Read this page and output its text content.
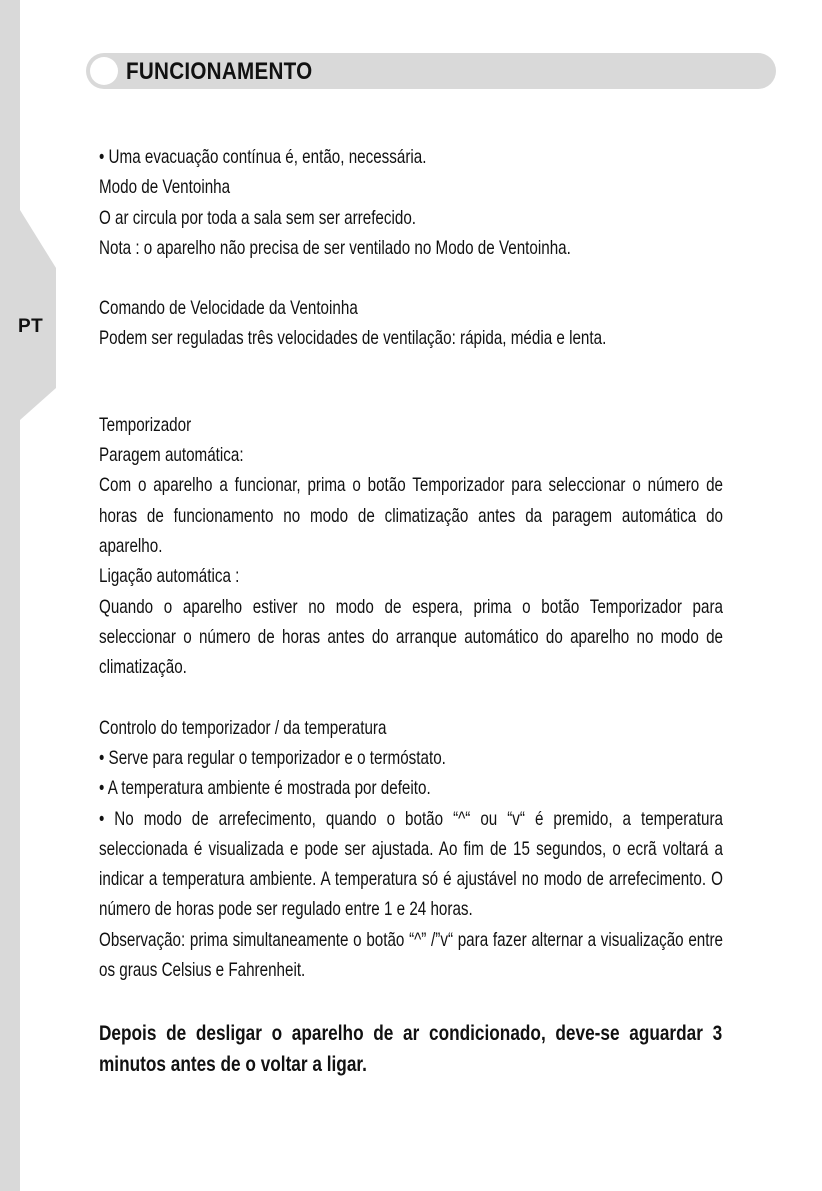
PT
FUNCIONAMENTO
• Uma evacuação contínua é, então, necessária.
Modo de Ventoinha
O ar circula por toda a sala sem ser arrefecido.
Nota : o aparelho não precisa de ser ventilado no Modo de Ventoinha.
Comando de Velocidade da Ventoinha
Podem ser reguladas três velocidades de ventilação: rápida, média e lenta.
Temporizador
Paragem automática:
Com o aparelho a funcionar, prima o botão Temporizador para seleccionar o número de horas de funcionamento no modo de climatização antes da paragem automática do aparelho.
Ligação automática :
Quando o aparelho estiver no modo de espera, prima o botão Temporizador para seleccionar o número de horas antes do arranque automático do aparelho no modo de climatização.
Controlo do temporizador / da temperatura
• Serve para regular o temporizador e o termóstato.
• A temperatura ambiente é mostrada por defeito.
• No modo de arrefecimento, quando o botão “^“ ou “v“ é premido, a temperatura seleccionada é visualizada e pode ser ajustada. Ao fim de 15 segundos, o ecrã voltará a indicar a temperatura ambiente. A temperatura só é ajustável no modo de arrefecimento. O número de horas pode ser regulado entre 1 e 24 horas.
Observação: prima simultaneamente o botão “^” /”v“ para fazer alternar a visualização entre os graus Celsius e Fahrenheit.
Depois de desligar o aparelho de ar condicionado, deve-se aguardar 3 minutos antes de o voltar a ligar.
